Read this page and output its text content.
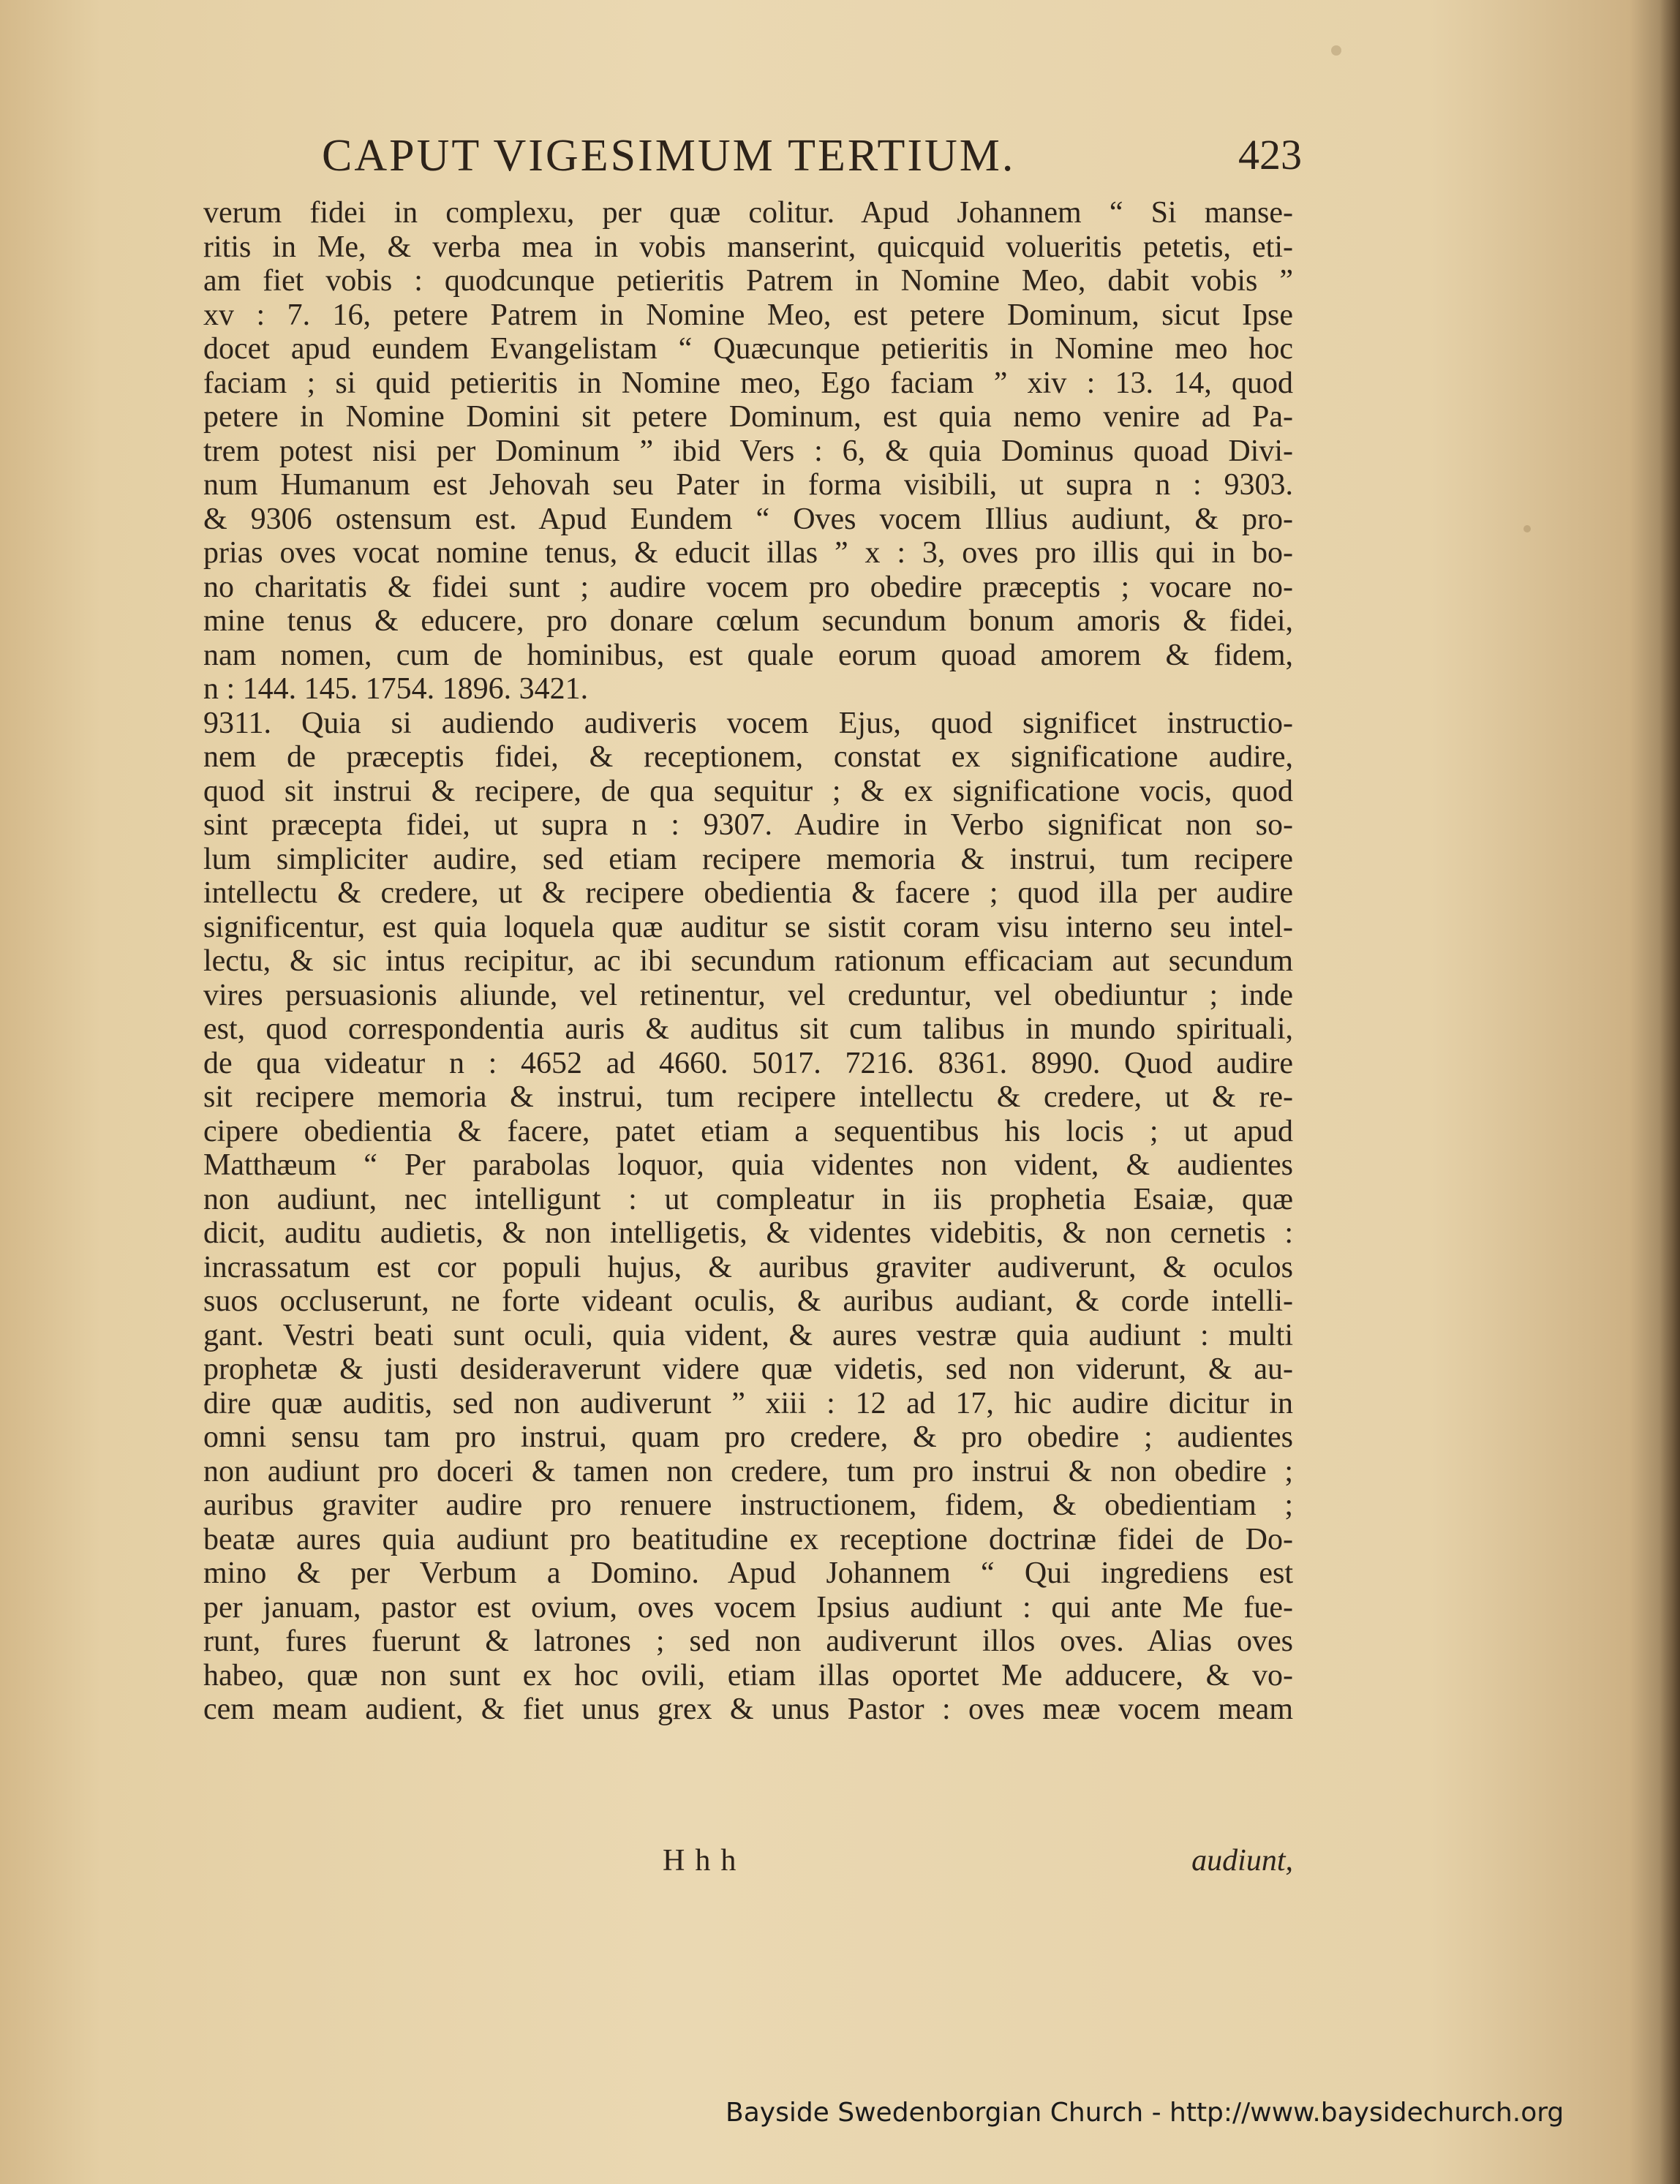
CAPUT VIGESIMUM TERTIUM.	423
verum fidei in complexu, per quæ colitur. Apud Johannem “ Si manse-
ritis in Me, & verba mea in vobis manserint, quicquid volueritis petetis, eti-
am fiet vobis : quodcunque petieritis Patrem in Nomine Meo, dabit vobis ”
xv : 7. 16, petere Patrem in Nomine Meo, est petere Dominum, sicut Ipse
docet apud eundem Evangelistam “ Quæcunque petieritis in Nomine meo hoc
faciam ; si quid petieritis in Nomine meo, Ego faciam ” xiv : 13. 14, quod
petere in Nomine Domini sit petere Dominum, est quia nemo venire ad Pa-
trem potest nisi per Dominum ” ibid Vers : 6, & quia Dominus quoad Divi-
num Humanum est Jehovah seu Pater in forma visibili, ut supra n : 9303.
& 9306 ostensum est. Apud Eundem “ Oves vocem Illius audiunt, & pro-
prias oves vocat nomine tenus, & educit illas ” x : 3, oves pro illis qui in bo-
no charitatis & fidei sunt ; audire vocem pro obedire præceptis ; vocare no-
mine tenus & educere, pro donare cœlum secundum bonum amoris & fidei,
nam nomen, cum de hominibus, est quale eorum quoad amorem & fidem,
n : 144. 145. 1754. 1896. 3421.
9311. Quia si audiendo audiveris vocem Ejus, quod significet instructio-
nem de præceptis fidei, & receptionem, constat ex significatione audire,
quod sit instrui & recipere, de qua sequitur ; & ex significatione vocis, quod
sint præcepta fidei, ut supra n : 9307. Audire in Verbo significat non so-
lum simpliciter audire, sed etiam recipere memoria & instrui, tum recipere
intellectu & credere, ut & recipere obedientia & facere ; quod illa per audire
significentur, est quia loquela quæ auditur se sistit coram visu interno seu intel-
lectu, & sic intus recipitur, ac ibi secundum rationum efficaciam aut secundum
vires persuasionis aliunde, vel retinentur, vel creduntur, vel obediuntur ; inde
est, quod correspondentia auris & auditus sit cum talibus in mundo spirituali,
de qua videatur n : 4652 ad 4660. 5017. 7216. 8361. 8990. Quod audire
sit recipere memoria & instrui, tum recipere intellectu & credere, ut & re-
cipere obedientia & facere, patet etiam a sequentibus his locis ; ut apud
Matthæum “ Per parabolas loquor, quia videntes non vident, & audientes
non audiunt, nec intelligunt : ut compleatur in iis prophetia Esaiæ, quæ
dicit, auditu audietis, & non intelligetis, & videntes videbitis, & non cernetis :
incrassatum est cor populi hujus, & auribus graviter audiverunt, & oculos
suos occluserunt, ne forte videant oculis, & auribus audiant, & corde intelli-
gant. Vestri beati sunt oculi, quia vident, & aures vestræ quia audiunt : multi
prophetæ & justi desideraverunt videre quæ videtis, sed non viderunt, & au-
dire quæ auditis, sed non audiverunt ” xiii : 12 ad 17, hic audire dicitur in
omni sensu tam pro instrui, quam pro credere, & pro obedire ; audientes
non audiunt pro doceri & tamen non credere, tum pro instrui & non obedire ;
auribus graviter audire pro renuere instructionem, fidem, & obedientiam ;
beatæ aures quia audiunt pro beatitudine ex receptione doctrinæ fidei de Do-
mino & per Verbum a Domino. Apud Johannem “ Qui ingrediens est
per januam, pastor est ovium, oves vocem Ipsius audiunt : qui ante Me fue-
runt, fures fuerunt & latrones ; sed non audiverunt illos oves. Alias oves
habeo, quæ non sunt ex hoc ovili, etiam illas oportet Me adducere, & vo-
cem meam audient, & fiet unus grex & unus Pastor : oves meæ vocem meam
Hhh	audiunt,
Bayside Swedenborgian Church - http://www.baysidechurch.org
